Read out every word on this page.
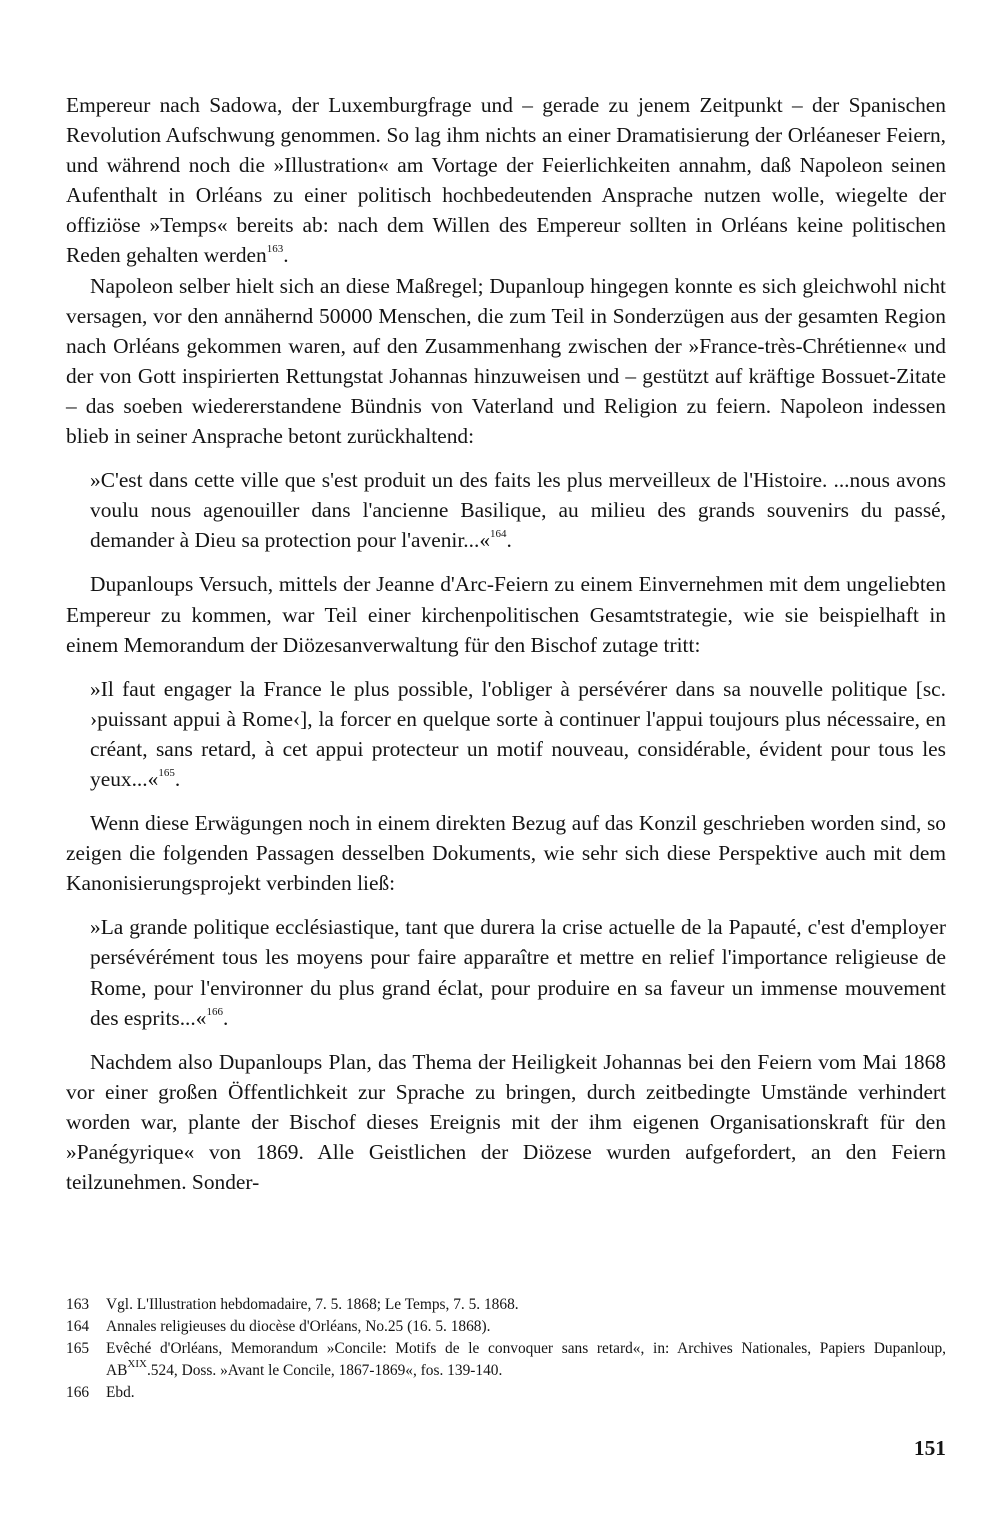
Empereur nach Sadowa, der Luxemburgfrage und – gerade zu jenem Zeitpunkt – der Spanischen Revolution Aufschwung genommen. So lag ihm nichts an einer Dramatisierung der Orléaneser Feiern, und während noch die »Illustration« am Vortage der Feierlichkeiten annahm, daß Napoleon seinen Aufenthalt in Orléans zu einer politisch hochbedeutenden Ansprache nutzen wolle, wiegelte der offiziöse »Temps« bereits ab: nach dem Willen des Empereur sollten in Orléans keine politischen Reden gehalten werden$^{163}$.

Napoleon selber hielt sich an diese Maßregel; Dupanloup hingegen konnte es sich gleichwohl nicht versagen, vor den annähernd 50000 Menschen, die zum Teil in Sonderzügen aus der gesamten Region nach Orléans gekommen waren, auf den Zusammenhang zwischen der »France-très-Chrétienne« und der von Gott inspirierten Rettungstat Johannas hinzuweisen und – gestützt auf kräftige Bossuet-Zitate – das soeben wiedererstandene Bündnis von Vaterland und Religion zu feiern. Napoleon indessen blieb in seiner Ansprache betont zurückhaltend:

»C'est dans cette ville que s'est produit un des faits les plus merveilleux de l'Histoire. ...nous avons voulu nous agenouiller dans l'ancienne Basilique, au milieu des grands souvenirs du passé, demander à Dieu sa protection pour l'avenir...«$^{164}$.

Dupanloups Versuch, mittels der Jeanne d'Arc-Feiern zu einem Einvernehmen mit dem ungeliebten Empereur zu kommen, war Teil einer kirchenpolitischen Gesamtstrategie, wie sie beispielhaft in einem Memorandum der Diözesanverwaltung für den Bischof zutage tritt:

»Il faut engager la France le plus possible, l'obliger à persévérer dans sa nouvelle politique [sc. ›puissant appui à Rome‹], la forcer en quelque sorte à continuer l'appui toujours plus nécessaire, en créant, sans retard, à cet appui protecteur un motif nouveau, considérable, évident pour tous les yeux...«$^{165}$.

Wenn diese Erwägungen noch in einem direkten Bezug auf das Konzil geschrieben worden sind, so zeigen die folgenden Passagen desselben Dokuments, wie sehr sich diese Perspektive auch mit dem Kanonisierungsprojekt verbinden ließ:

»La grande politique ecclésiastique, tant que durera la crise actuelle de la Papauté, c'est d'employer persévérément tous les moyens pour faire apparaître et mettre en relief l'importance religieuse de Rome, pour l'environner du plus grand éclat, pour produire en sa faveur un immense mouvement des esprits...«$^{166}$.

Nachdem also Dupanloups Plan, das Thema der Heiligkeit Johannas bei den Feiern vom Mai 1868 vor einer großen Öffentlichkeit zur Sprache zu bringen, durch zeitbedingte Umstände verhindert worden war, plante der Bischof dieses Ereignis mit der ihm eigenen Organisationskraft für den »Panégyrique« von 1869. Alle Geistlichen der Diözese wurden aufgefordert, an den Feiern teilzunehmen. Sonder-

163 Vgl. L'Illustration hebdomadaire, 7. 5. 1868; Le Temps, 7. 5. 1868.
164 Annales religieuses du diocèse d'Orléans, No.25 (16. 5. 1868).
165 Evêché d'Orléans, Memorandum »Concile: Motifs de le convoquer sans retard«, in: Archives Nationales, Papiers Dupanloup, $AB^{XIX}.524$, Doss. »Avant le Concile, 1867-1869«, fos. 139-140.
166 Ebd.
151
